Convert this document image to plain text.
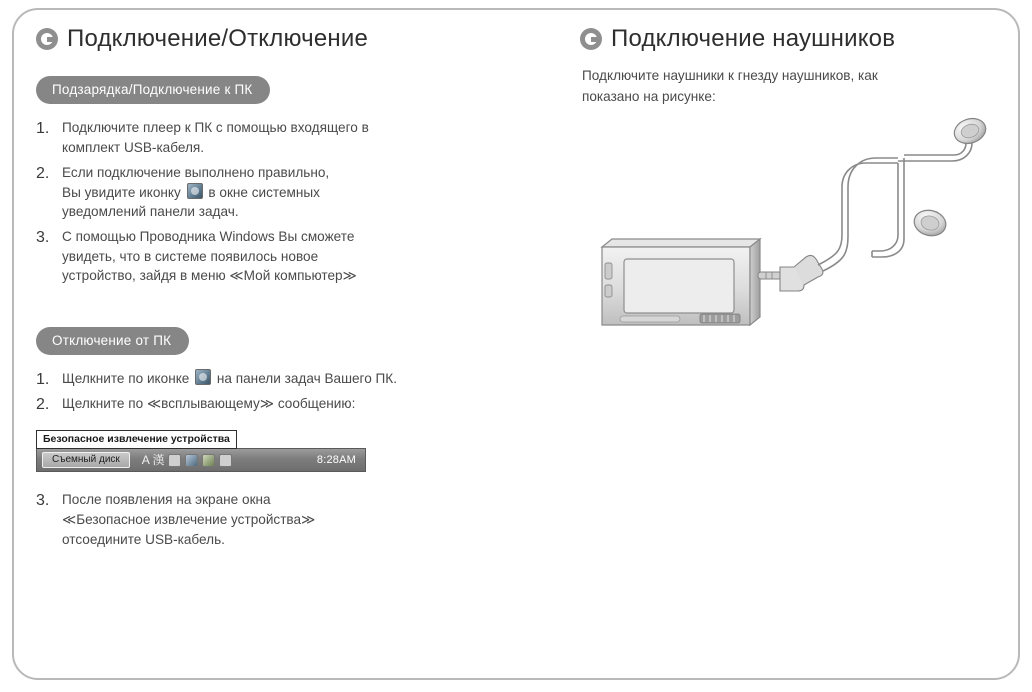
Подключение/Отключение
Подзарядка/Подключение к ПК
1. Подключите плеер к ПК с помощью входящего в
комплект USB-кабеля.
2. Если подключение выполнено правильно,
Вы увидите иконку  в окне системных
уведомлений панели задач.
3. С помощью Проводника Windows Вы сможете
увидеть, что в системе появилось новое
устройство, зайдя в меню ≪Мой компьютер≫
Отключение от ПК
1. Щелкните по иконке  на панели задач Вашего ПК.
2. Щелкните по ≪всплывающему≫ сообщению:
Безопасное извлечение устройства
Съемный диск	A 漢	8:28AM
3. После появления на экране окна
≪Безопасное извлечение устройства≫
отсоедините USB-кабель.
Подключение наушников

Подключите наушники к гнезду наушников, как
показано на рисунке:
